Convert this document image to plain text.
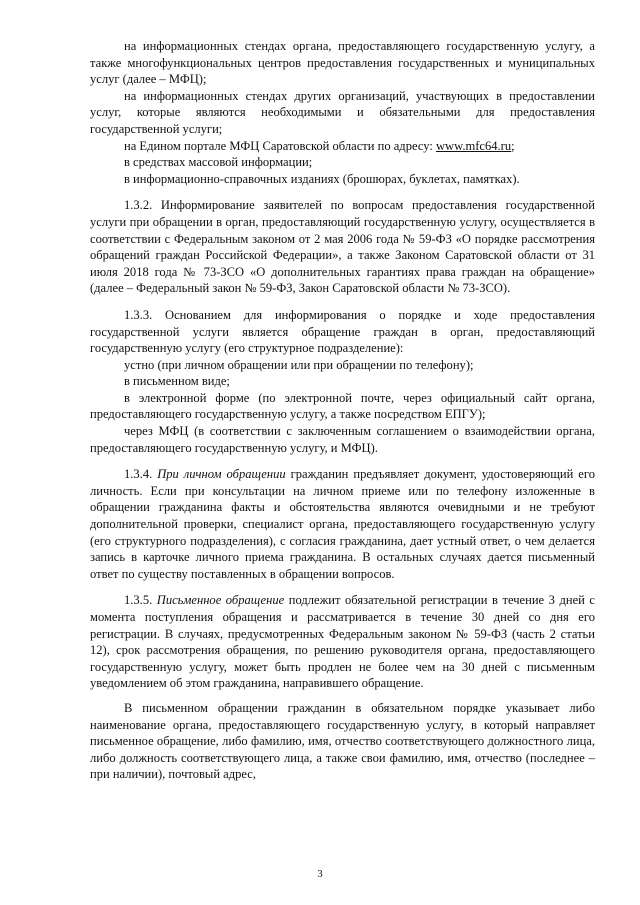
на информационных стендах органа, предоставляющего государственную услугу, а также многофункциональных центров предоставления государственных и муниципальных услуг (далее – МФЦ);

на информационных стендах других организаций, участвующих в предоставлении услуг, которые являются необходимыми и обязательными для предоставления государственной услуги;

на Едином портале МФЦ Саратовской области по адресу: www.mfc64.ru;

в средствах массовой информации;

в информационно-справочных изданиях (брошюрах, буклетах, памятках).

1.3.2. Информирование заявителей по вопросам предоставления государственной услуги при обращении в орган, предоставляющий государственную услугу, осуществляется в соответствии с Федеральным законом от 2 мая 2006 года № 59-ФЗ «О порядке рассмотрения обращений граждан Российской Федерации», а также Законом Саратовской области от 31 июля 2018 года № 73-ЗСО «О дополнительных гарантиях права граждан на обращение» (далее – Федеральный закон № 59-ФЗ, Закон Саратовской области № 73-ЗСО).

1.3.3. Основанием для информирования о порядке и ходе предоставления государственной услуги является обращение граждан в орган, предоставляющий государственную услугу (его структурное подразделение):

устно (при личном обращении или при обращении по телефону);

в письменном виде;

в электронной форме (по электронной почте, через официальный сайт органа, предоставляющего государственную услугу, а также посредством ЕПГУ);

через МФЦ (в соответствии с заключенным соглашением о взаимодействии органа, предоставляющего государственную услугу, и МФЦ).

1.3.4. При личном обращении гражданин предъявляет документ, удостоверяющий его личность. Если при консультации на личном приеме или по телефону изложенные в обращении гражданина факты и обстоятельства являются очевидными и не требуют дополнительной проверки, специалист органа, предоставляющего государственную услугу (его структурного подразделения), с согласия гражданина, дает устный ответ, о чем делается запись в карточке личного приема гражданина. В остальных случаях дается письменный ответ по существу поставленных в обращении вопросов.

1.3.5. Письменное обращение подлежит обязательной регистрации в течение 3 дней с момента поступления обращения и рассматривается в течение 30 дней со дня его регистрации. В случаях, предусмотренных Федеральным законом № 59-ФЗ (часть 2 статьи 12), срок рассмотрения обращения, по решению руководителя органа, предоставляющего государственную услугу, может быть продлен не более чем на 30 дней с письменным уведомлением об этом гражданина, направившего обращение.

В письменном обращении гражданин в обязательном порядке указывает либо наименование органа, предоставляющего государственную услугу, в который направляет письменное обращение, либо фамилию, имя, отчество соответствующего должностного лица, либо должность соответствующего лица, а также свои фамилию, имя, отчество (последнее – при наличии), почтовый адрес,

3
